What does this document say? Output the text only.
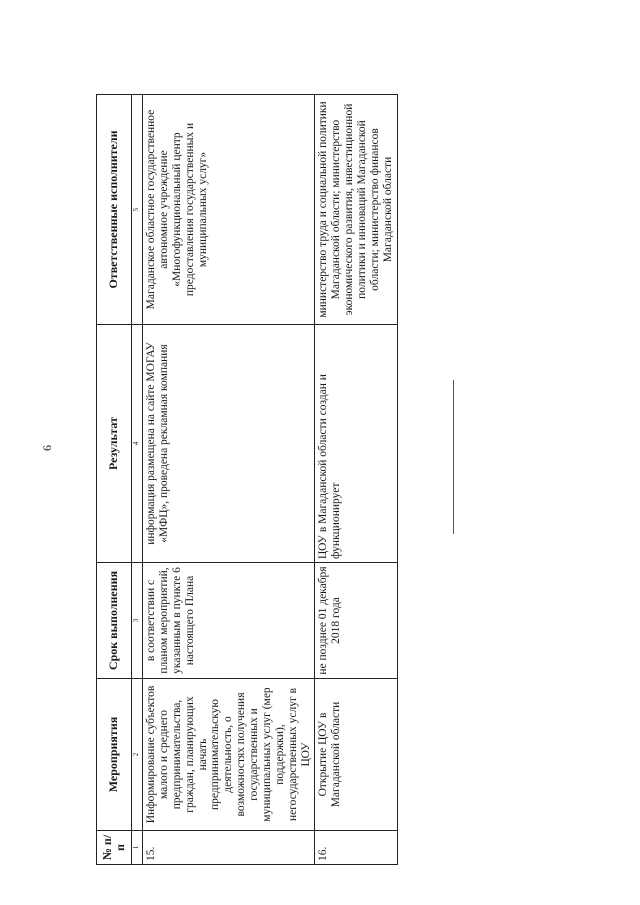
6
№ п/п	Мероприятия	Срок выполнения	Результат	Ответственные исполнители
1	2	3	4	5
15.	Информирование субъектов малого и среднего предпринимательства, граждан, планирующих начать предпринимательскую деятельность, о возможностях получения государственных и муниципальных услуг (мер поддержки), негосударственных услуг в ЦОУ	в соответствии с планом мероприятий, указанным в пункте 6 настоящего Плана	информация размещена на сайте МОГАУ «МФЦ», проведена рекламная компания	Магаданское областное государственное автономное учреждение «Многофункциональный центр предоставления государственных и муниципальных услуг»
16.	Открытие ЦОУ в Магаданской области	не позднее 01 декабря 2018 года	ЦОУ в Магаданской области создан и функционирует	министерство труда и социальной политики Магаданской области; министерство экономического развития, инвестиционной политики и инноваций Магаданской области; министерство финансов Магаданской области
